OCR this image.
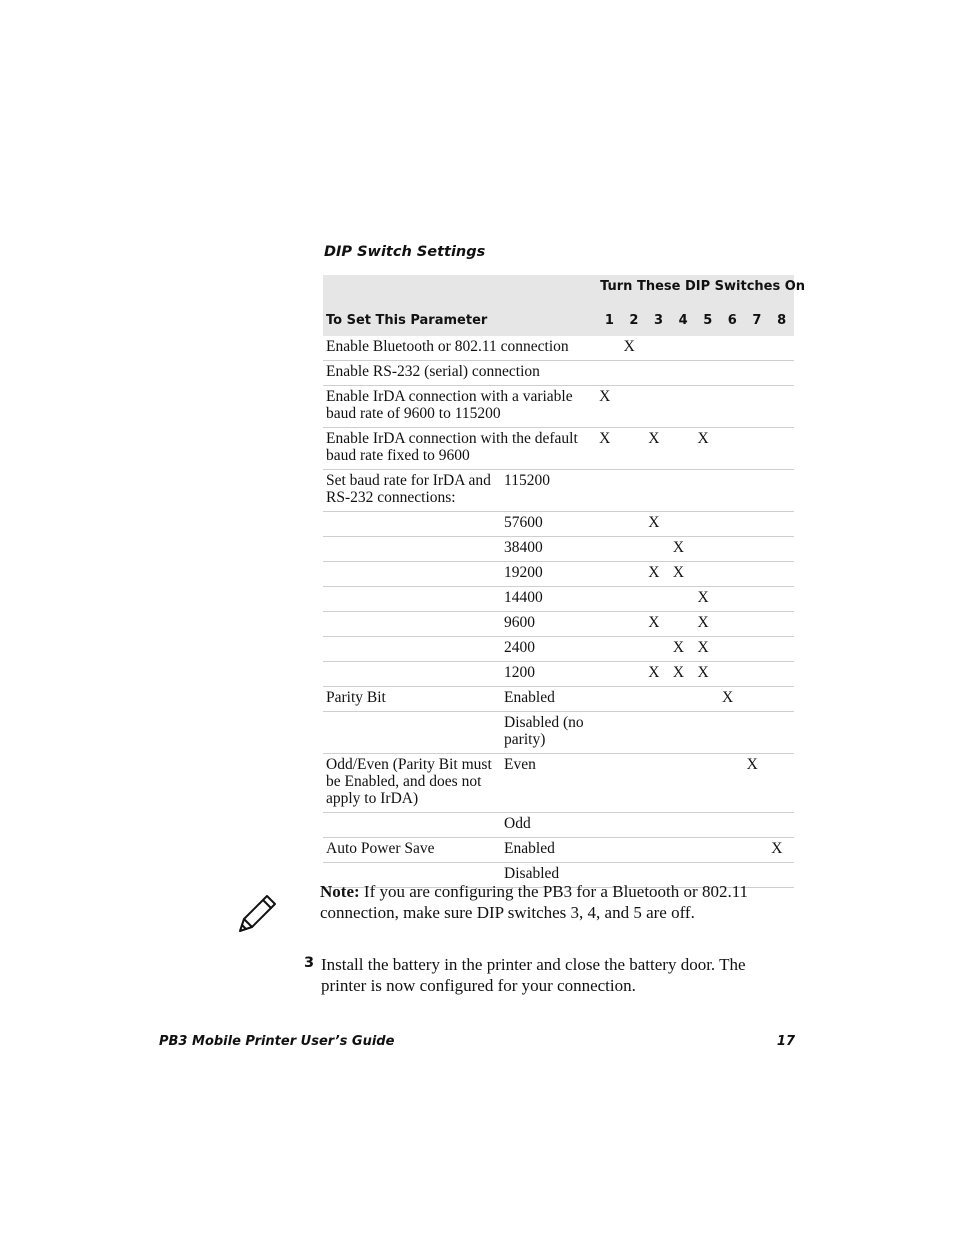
DIP Switch Settings
		Turn These DIP Switches On							
To Set This Parameter		1	2	3	4	5	6	7	8
Enable Bluetooth or 802.11 connection			X						
Enable RS-232 (serial) connection									
Enable IrDA connection with a variable baud rate of 9600 to 115200		X							
Enable IrDA connection with the default baud rate fixed to 9600		X		X		X			
Set baud rate for IrDA and RS-232 connections:	115200								
	57600			X					
	38400				X				
	19200			X	X				
	14400					X			
	9600			X		X			
	2400				X	X			
	1200			X	X	X			
Parity Bit	Enabled						X		
	Disabled (no parity)								
Odd/Even (Parity Bit must be Enabled, and does not apply to IrDA)	Even							X	
	Odd								
Auto Power Save	Enabled								X
	Disabled								
Note: If you are configuring the PB3 for a Bluetooth or 802.11 connection, make sure DIP switches 3, 4, and 5 are off.
3 Install the battery in the printer and close the battery door. The printer is now configured for your connection.
PB3 Mobile Printer User’s Guide	17
